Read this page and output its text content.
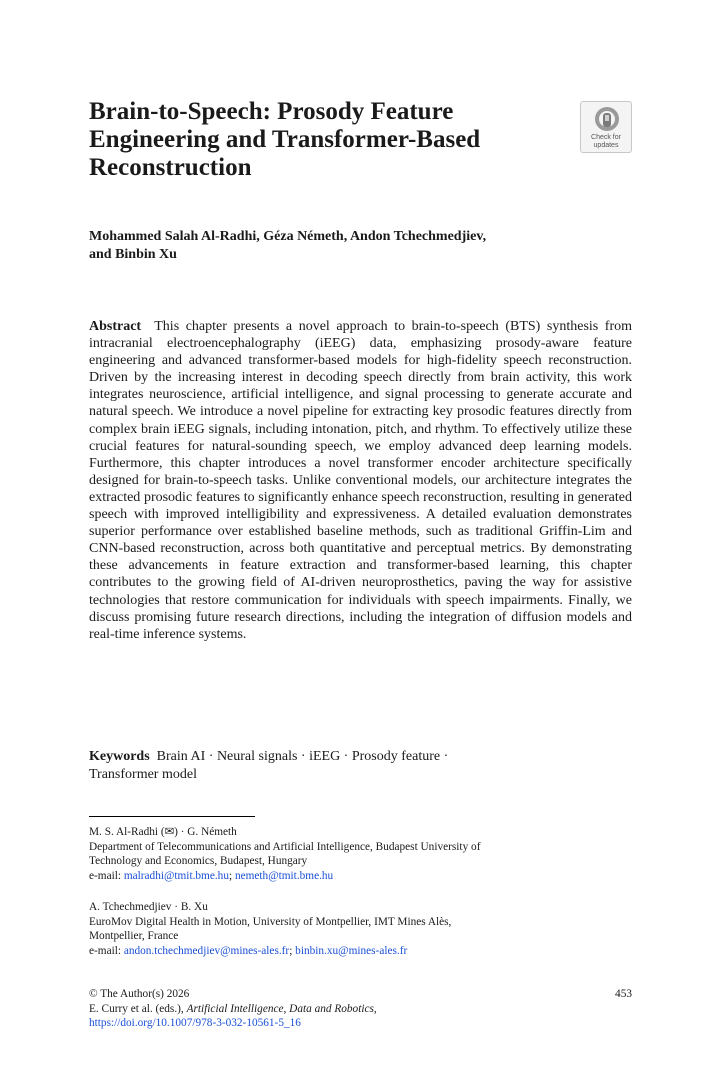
Brain-to-Speech: Prosody Feature
Engineering and Transformer-Based
Reconstruction
Check for
updates
Mohammed Salah Al-Radhi, Géza Németh, Andon Tchechmedjiev,
and Binbin Xu

Abstract This chapter presents a novel approach to brain-to-speech (BTS) synthesis from intracranial electroencephalography (iEEG) data, emphasizing prosody-aware feature engineering and advanced transformer-based models for high-fidelity speech reconstruction. Driven by the increasing interest in decoding speech directly from brain activity, this work integrates neuroscience, artificial intelligence, and signal processing to generate accurate and natural speech. We introduce a novel pipeline for extracting key prosodic features directly from complex brain iEEG signals, including intonation, pitch, and rhythm. To effectively utilize these crucial features for natural-sounding speech, we employ advanced deep learning models. Furthermore, this chapter introduces a novel transformer encoder architecture specifically designed for brain-to-speech tasks. Unlike conventional models, our architecture integrates the extracted prosodic features to significantly enhance speech reconstruction, resulting in generated speech with improved intelligibility and expressiveness. A detailed evaluation demonstrates superior performance over established baseline methods, such as traditional Griffin-Lim and CNN-based reconstruction, across both quantitative and perceptual metrics. By demonstrating these advancements in feature extraction and transformer-based learning, this chapter contributes to the growing field of AI-driven neuroprosthetics, paving the way for assistive technologies that restore communication for individuals with speech impairments. Finally, we discuss promising future research directions, including the integration of diffusion models and real-time inference systems.

Keywords Brain AI · Neural signals · iEEG · Prosody feature ·
Transformer model
M. S. Al-Radhi (✉) · G. Németh
Department of Telecommunications and Artificial Intelligence, Budapest University of
Technology and Economics, Budapest, Hungary
e-mail: malradhi@tmit.bme.hu; nemeth@tmit.bme.hu
A. Tchechmedjiev · B. Xu
EuroMov Digital Health in Motion, University of Montpellier, IMT Mines Alès,
Montpellier, France
e-mail: andon.tchechmedjiev@mines-ales.fr; binbin.xu@mines-ales.fr
© The Author(s) 2026
E. Curry et al. (eds.), Artificial Intelligence, Data and Robotics,
https://doi.org/10.1007/978-3-032-10561-5_16
453
